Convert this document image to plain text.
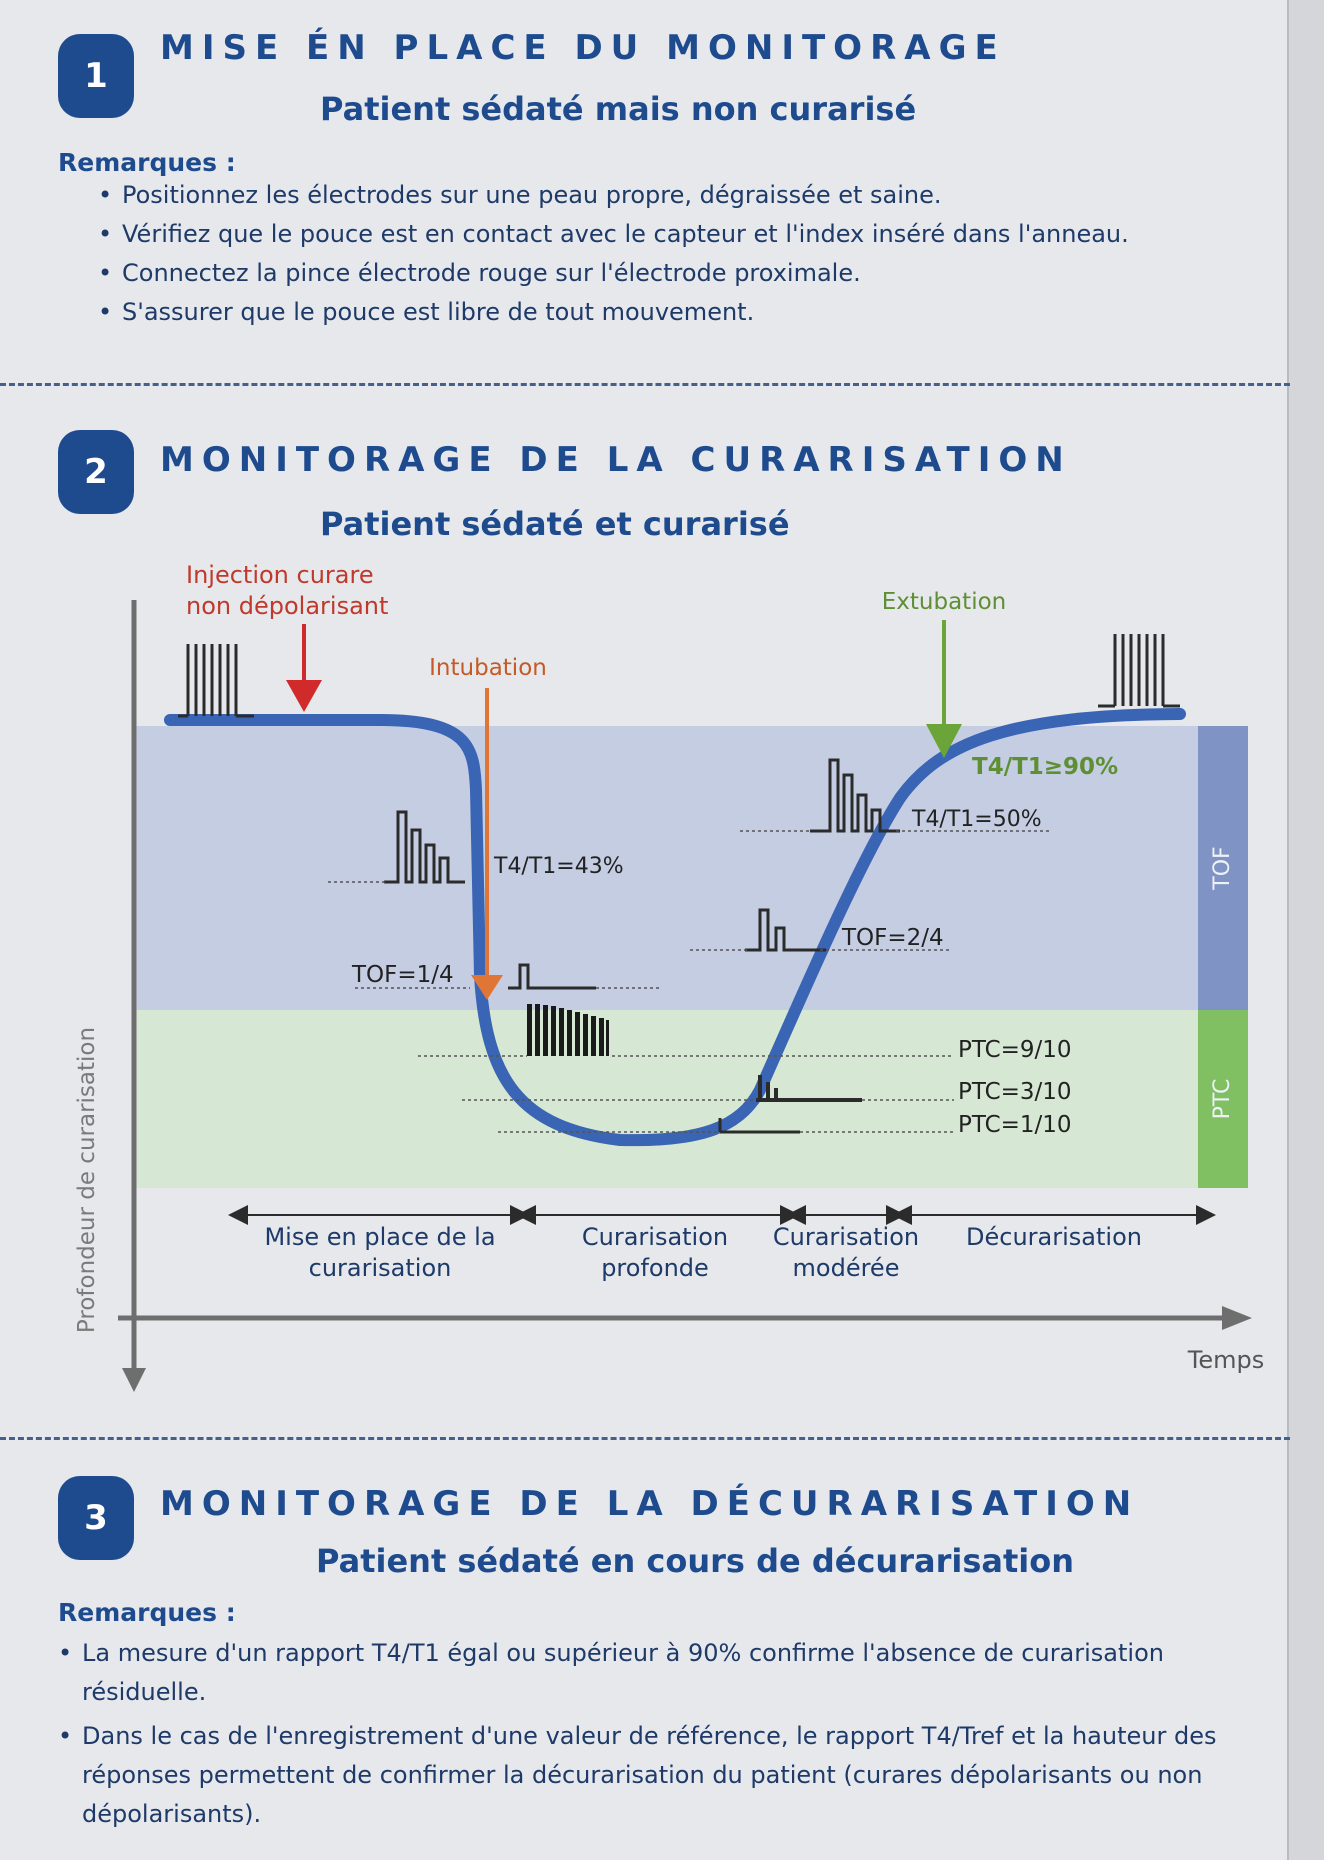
1
MISE ÉN PLACE DU MONITORAGE
Patient sédaté mais non curarisé
Remarques :
• Positionnez les électrodes sur une peau propre, dégraissée et saine.
• Vérifiez que le pouce est en contact avec le capteur et l'index inséré dans l'anneau.
• Connectez la pince électrode rouge sur l'électrode proximale.
• S'assurer que le pouce est libre de tout mouvement.
2	MONITORAGE DE LA CURARISATION
Patient sédaté et curarisé
TOF
PTC
Profondeur de curarisation
Temps
Injection curare non dépolarisant
Intubation
Extubation
TOF=1/4
T4/T1=43%
TOF=2/4
T4/T1=50%
T4/T1≥90%
PTC=9/10
PTC=3/10
PTC=1/10
Mise en place de la curarisation
Curarisation profonde
Curarisation modérée
Décurarisation
3	MONITORAGE DE LA DÉCURARISATION
Patient sédaté en cours de décurarisation
Remarques :
• La mesure d'un rapport T4/T1 égal ou supérieur à 90% confirme l'absence de curarisation résiduelle.
• Dans le cas de l'enregistrement d'une valeur de référence, le rapport T4/Tref et la hauteur des réponses permettent de confirmer la décurarisation du patient (curares dépolarisants ou non dépolarisants).
